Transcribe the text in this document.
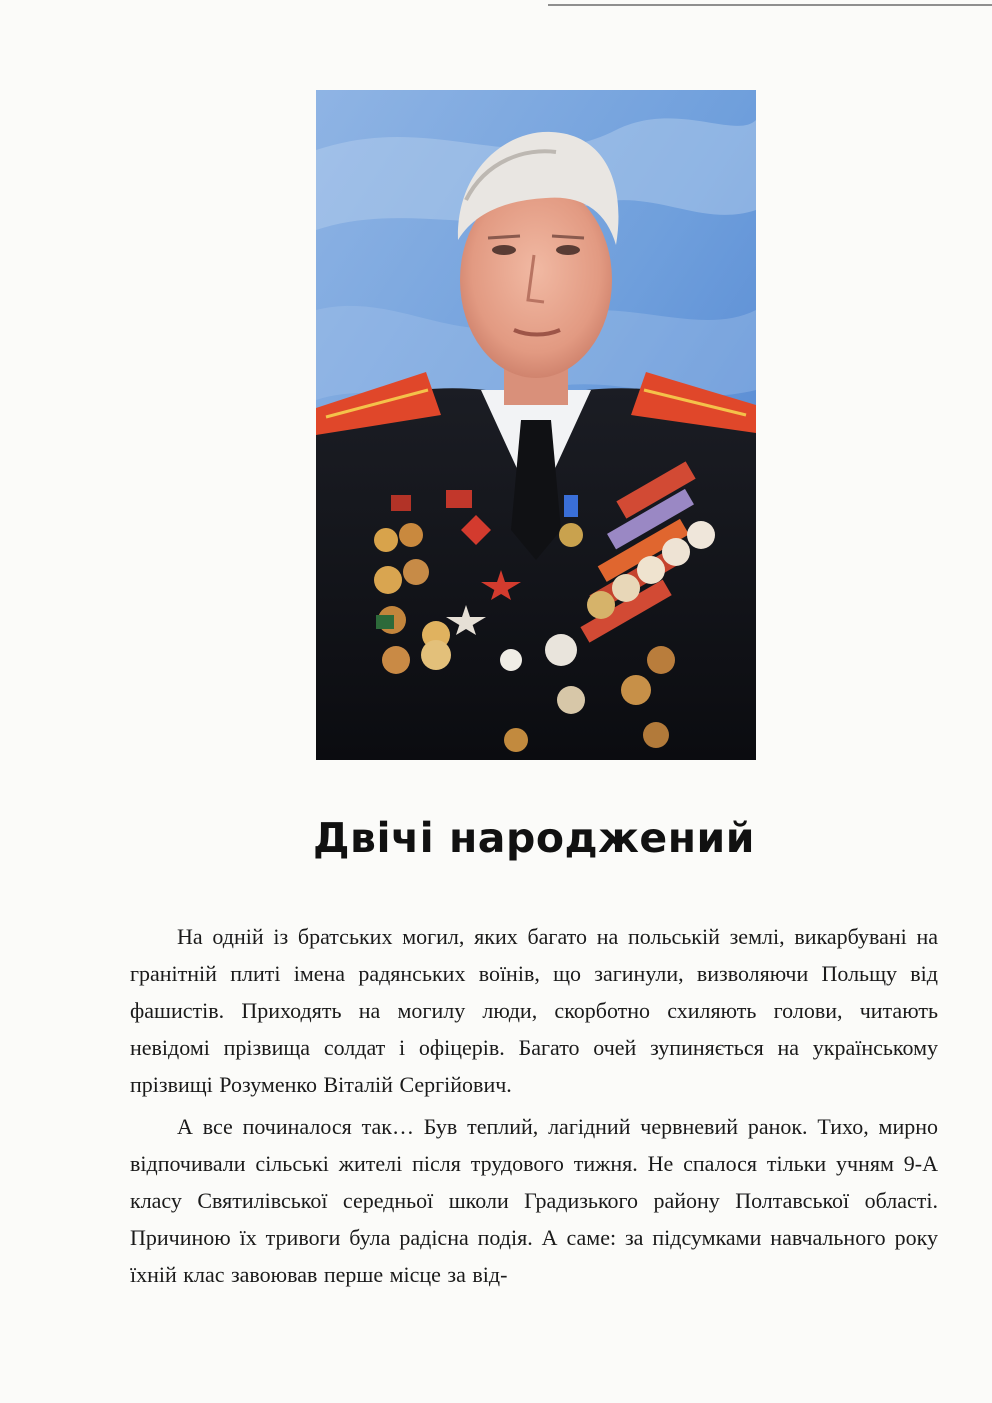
Двічі народжений

На одній із братських могил, яких багато на польській землі, викарбувані на гранітній плиті імена радянських воїнів, що загинули, визволяючи Польщу від фашистів. Приходять на могилу люди, скорботно схиляють голови, читають невідомі прізвища солдат і офіцерів. Багато очей зупиняється на українському прізвищі Розуменко Віталій Сергійович.

А все починалося так… Був теплий, лагідний червневий ранок. Тихо, мирно відпочивали сільські жителі після трудового тижня. Не спалося тільки учням 9-А класу Святилівської середньої школи Градизького району Полтавської області. Причиною їх тривоги була радісна подія. А саме: за підсумками навчального року їхній клас завоював перше місце за від-
